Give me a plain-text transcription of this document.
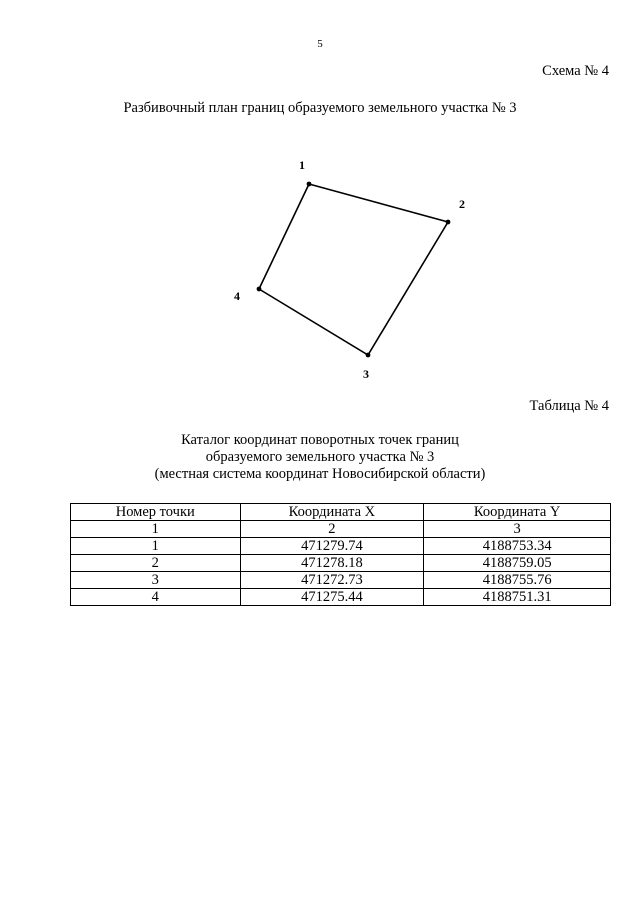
5
Схема № 4
Разбивочный план границ образуемого земельного участка № 3
1
2
3
4
Таблица № 4
Каталог координат поворотных точек границ
образуемого земельного участка № 3
(местная система координат Новосибирской области)
Номер точки	Координата X	Координата Y
1	2	3
1	471279.74	4188753.34
2	471278.18	4188759.05
3	471272.73	4188755.76
4	471275.44	4188751.31
